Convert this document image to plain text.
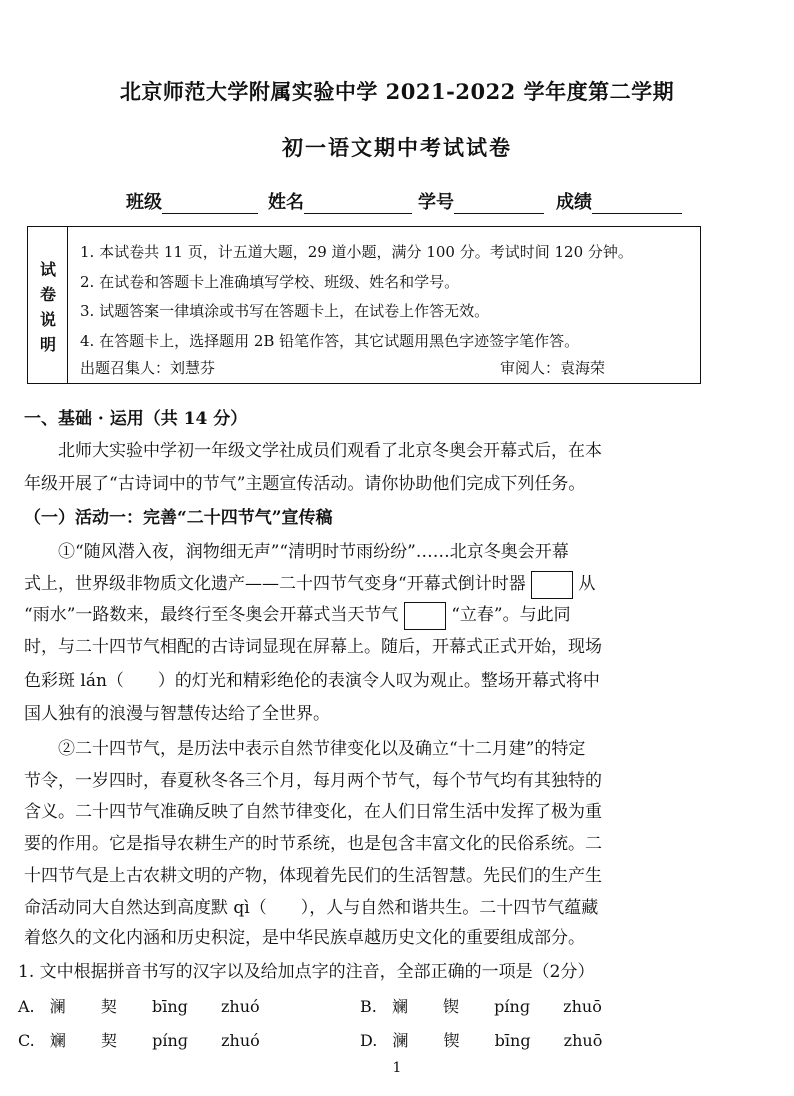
北京师范大学附属实验中学 2021-2022 学年度第二学期
初一语文期中考试试卷
班级	姓名	学号	成绩
试
卷
说
明
1. 本试卷共 11 页，计五道大题，29 道小题，满分 100 分。考试时间 120 分钟。
2. 在试卷和答题卡上准确填写学校、班级、姓名和学号。
3. 试题答案一律填涂或书写在答题卡上，在试卷上作答无效。
4. 在答题卡上，选择题用 2B 铅笔作答，其它试题用黑色字迹签字笔作答。
出题召集人：刘慧芬	审阅人：袁海荣
一、基础 · 运用（共 14 分）
北师大实验中学初一年级文学社成员们观看了北京冬奥会开幕式后，在本
年级开展了“古诗词中的节气”主题宣传活动。请你协助他们完成下列任务。
（一）活动一：完善“二十四节气”宣传稿
①“随风潜入夜，润物细无声”“清明时节雨纷纷”……北京冬奥会开幕
式上，世界级非物质文化遗产——二十四节气变身“开幕式倒计时器	从
“雨水”一路数来，最终行至冬奥会开幕式当天节气	“立春”。与此同
时，与二十四节气相配的古诗词显现在屏幕上。随后，开幕式正式开始，现场
色彩斑 lán（　　）的灯光和精彩绝伦的表演令人叹为观止。整场开幕式将中
国人独有的浪漫与智慧传达给了全世界。
②二十四节气，是历法中表示自然节律变化以及确立“十二月建”的特定
节令，一岁四时，春夏秋冬各三个月，每月两个节气，每个节气均有其独特的
含义。二十四节气准确反映了自然节律变化，在人们日常生活中发挥了极为重
要的作用。它是指导农耕生产的时节系统，也是包含丰富文化的民俗系统。二
十四节气是上古农耕文明的产物，体现着先民们的生活智慧。先民们的生产生
命活动同大自然达到高度默 qì（　　），人与自然和谐共生。二十四节气蕴藏
着悠久的文化内涵和历史积淀，是中华民族卓越历史文化的重要组成部分。
1. 文中根据拼音书写的汉字以及给加点字的注音，全部正确的一项是（2分）
A. 澜 契 bīng zhuó	B. 斓 锲 pínɡ zhuō
C. 斓 契 pínɡ zhuó	D. 澜 锲 bīng zhuō
1
